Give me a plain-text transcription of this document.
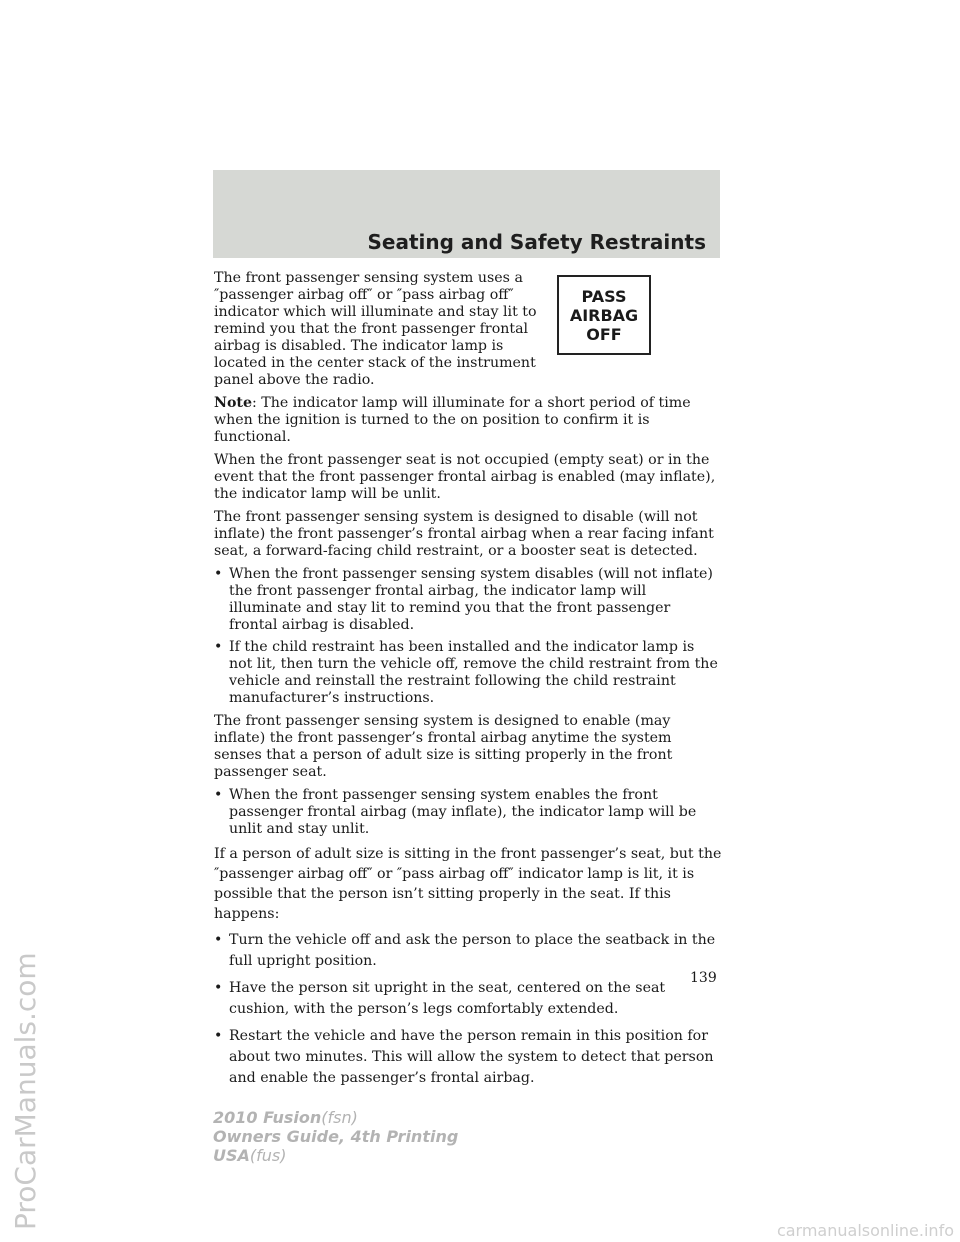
Seating and Safety Restraints
PASS
AIRBAG
OFF

The front passenger sensing system uses a ″passenger airbag off″ or ″pass airbag off″ indicator which will illuminate and stay lit to remind you that the front passenger frontal airbag is disabled. The indicator lamp is located in the center stack of the instrument panel above the radio.

Note: The indicator lamp will illuminate for a short period of time when the ignition is turned to the on position to confirm it is functional.

When the front passenger seat is not occupied (empty seat) or in the event that the front passenger frontal airbag is enabled (may inflate), the indicator lamp will be unlit.

The front passenger sensing system is designed to disable (will not inflate) the front passenger’s frontal airbag when a rear facing infant seat, a forward-facing child restraint, or a booster seat is detected.

• When the front passenger sensing system disables (will not inflate) the front passenger frontal airbag, the indicator lamp will illuminate and stay lit to remind you that the front passenger frontal airbag is disabled.
• If the child restraint has been installed and the indicator lamp is not lit, then turn the vehicle off, remove the child restraint from the vehicle and reinstall the restraint following the child restraint manufacturer’s instructions.

The front passenger sensing system is designed to enable (may inflate) the front passenger’s frontal airbag anytime the system senses that a person of adult size is sitting properly in the front passenger seat.

• When the front passenger sensing system enables the front passenger frontal airbag (may inflate), the indicator lamp will be unlit and stay unlit.

If a person of adult size is sitting in the front passenger’s seat, but the ″passenger airbag off″ or ″pass airbag off″ indicator lamp is lit, it is possible that the person isn’t sitting properly in the seat. If this happens:

• Turn the vehicle off and ask the person to place the seatback in the full upright position.
• Have the person sit upright in the seat, centered on the seat cushion, with the person’s legs comfortably extended.
• Restart the vehicle and have the person remain in this position for about two minutes. This will allow the system to detect that person and enable the passenger’s frontal airbag.
139
2010 Fusion(fsn)
Owners Guide, 4th Printing
USA(fus)
ProCarManuals.com
carmanualsonline.info
